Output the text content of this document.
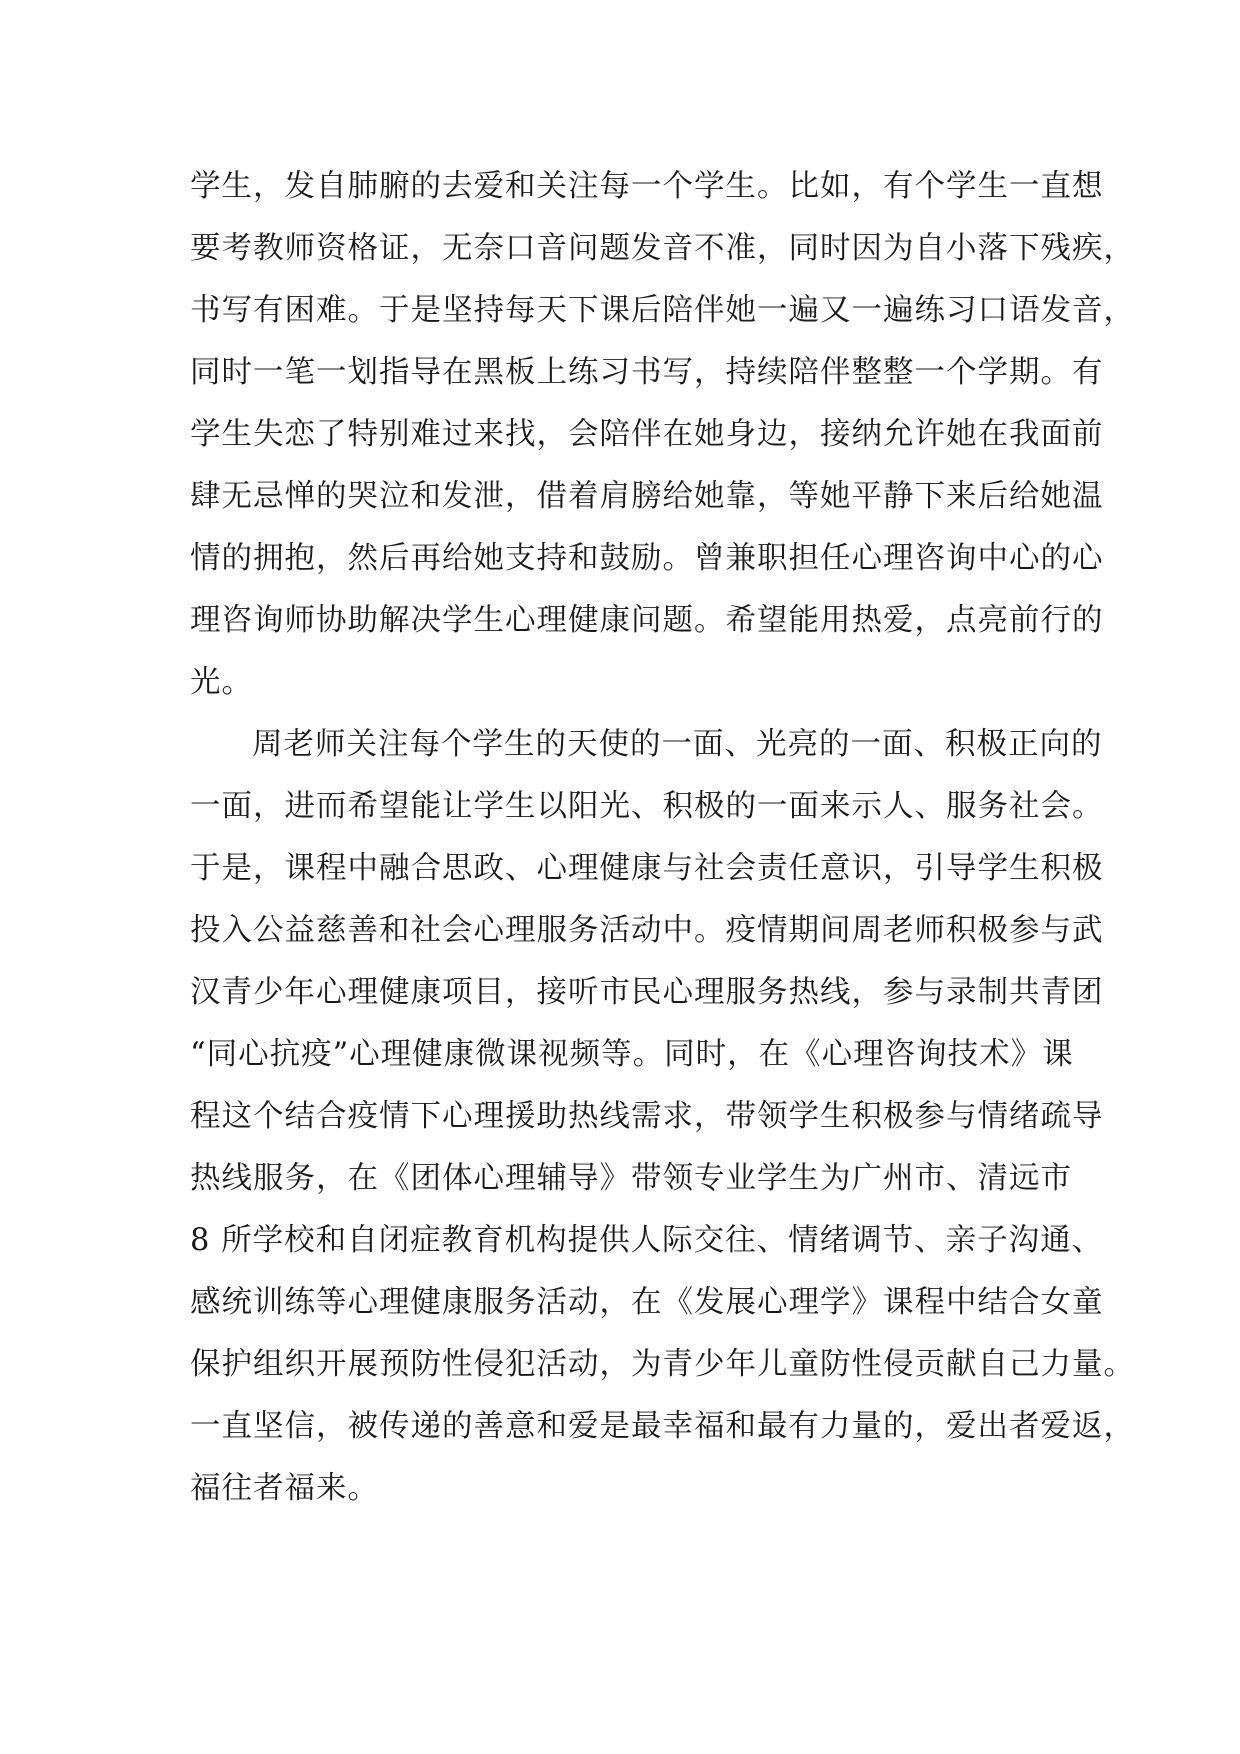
学生，发自肺腑的去爱和关注每一个学生。比如，有个学生一直想
要考教师资格证，无奈口音问题发音不准，同时因为自小落下残疾，
书写有困难。于是坚持每天下课后陪伴她一遍又一遍练习口语发音，
同时一笔一划指导在黑板上练习书写，持续陪伴整整一个学期。有
学生失恋了特别难过来找，会陪伴在她身边，接纳允许她在我面前
肆无忌惮的哭泣和发泄，借着肩膀给她靠，等她平静下来后给她温
情的拥抱，然后再给她支持和鼓励。曾兼职担任心理咨询中心的心
理咨询师协助解决学生心理健康问题。希望能用热爱，点亮前行的
光。
周老师关注每个学生的天使的一面、光亮的一面、积极正向的
一面，进而希望能让学生以阳光、积极的一面来示人、服务社会。
于是，课程中融合思政、心理健康与社会责任意识，引导学生积极
投入公益慈善和社会心理服务活动中。疫情期间周老师积极参与武
汉青少年心理健康项目，接听市民心理服务热线，参与录制共青团
“同心抗疫”心理健康微课视频等。同时，在《心理咨询技术》课
程这个结合疫情下心理援助热线需求，带领学生积极参与情绪疏导
热线服务，在《团体心理辅导》带领专业学生为广州市、清远市
8 所学校和自闭症教育机构提供人际交往、情绪调节、亲子沟通、
感统训练等心理健康服务活动，在《发展心理学》课程中结合女童
保护组织开展预防性侵犯活动，为青少年儿童防性侵贡献自己力量。
一直坚信，被传递的善意和爱是最幸福和最有力量的，爱出者爱返，
福往者福来。
